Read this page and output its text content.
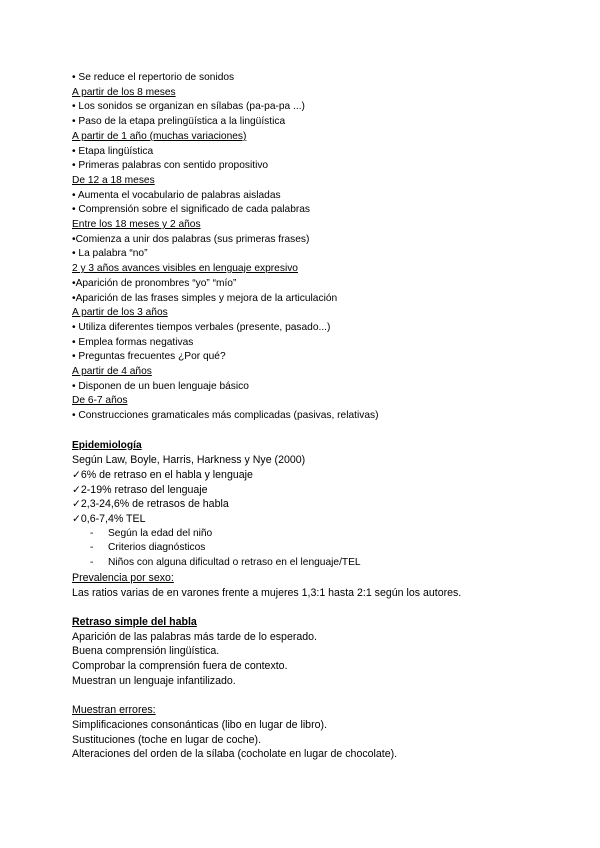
• Se reduce el repertorio de sonidos
A partir de los 8 meses
• Los sonidos se organizan en sílabas (pa-pa-pa ...)
• Paso de la etapa prelingüística a la lingüística
A partir de 1 año (muchas variaciones)
• Etapa lingüística
• Primeras palabras con sentido propositivo
De 12 a 18 meses
• Aumenta el vocabulario de palabras aisladas
• Comprensión sobre el significado de cada palabras
Entre los 18 meses y 2 años
•Comienza a unir dos palabras (sus primeras frases)
• La palabra “no”
2 y 3 años avances visibles en lenguaje expresivo
•Aparición de pronombres “yo” “mío”
•Aparición de las frases simples y mejora de la articulación
A partir de los 3 años
• Utiliza diferentes tiempos verbales (presente, pasado...)
• Emplea formas negativas
• Preguntas frecuentes ¿Por qué?
A partir de 4 años
• Disponen de un buen lenguaje básico
De 6-7 años
• Construcciones gramaticales más complicadas (pasivas, relativas)
Epidemiología
Según Law, Boyle, Harris, Harkness y Nye (2000)
✓6% de retraso en el habla y lenguaje
✓2-19% retraso del lenguaje
✓2,3-24,6% de retrasos de habla
✓0,6-7,4% TEL
- Según la edad del niño
- Criterios diagnósticos
- Niños con alguna dificultad o retraso en el lenguaje/TEL
Prevalencia por sexo:
Las ratios varias de en varones frente a mujeres 1,3:1 hasta 2:1 según los autores.
Retraso simple del habla
Aparición de las palabras más tarde de lo esperado.
Buena comprensión lingüística.
Comprobar la comprensión fuera de contexto.
Muestran un lenguaje infantilizado.
Muestran errores:
Simplificaciones consonánticas (libo en lugar de libro).
Sustituciones (toche en lugar de coche).
Alteraciones del orden de la sílaba (cocholate en lugar de chocolate).
